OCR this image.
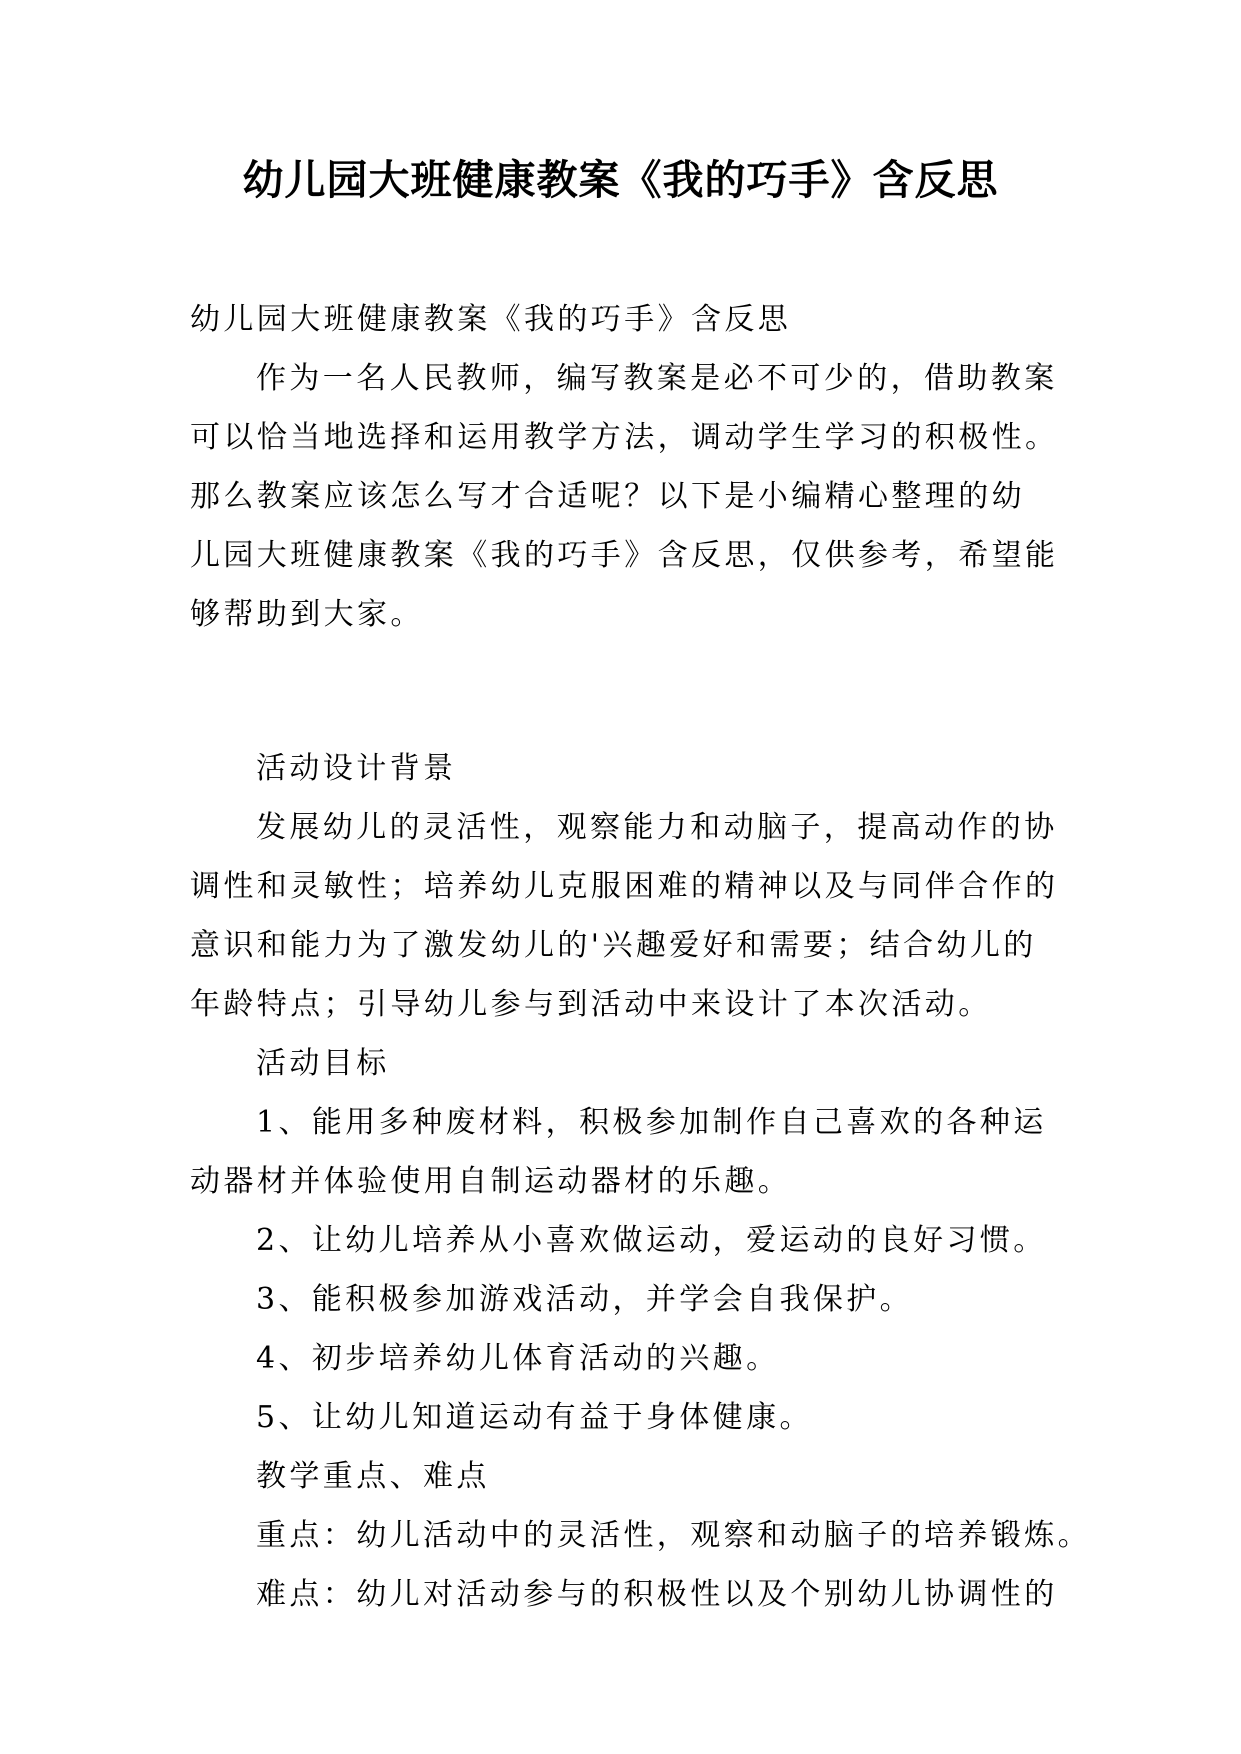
幼儿园大班健康教案《我的巧手》含反思
幼儿园大班健康教案《我的巧手》含反思
作为一名人民教师，编写教案是必不可少的，借助教案
可以恰当地选择和运用教学方法，调动学生学习的积极性。
那么教案应该怎么写才合适呢？以下是小编精心整理的幼
儿园大班健康教案《我的巧手》含反思，仅供参考，希望能
够帮助到大家。
活动设计背景
发展幼儿的灵活性，观察能力和动脑子，提高动作的协
调性和灵敏性；培养幼儿克服困难的精神以及与同伴合作的
意识和能力为了激发幼儿的'兴趣爱好和需要；结合幼儿的
年龄特点；引导幼儿参与到活动中来设计了本次活动。
活动目标
1、能用多种废材料，积极参加制作自己喜欢的各种运
动器材并体验使用自制运动器材的乐趣。
2、让幼儿培养从小喜欢做运动，爱运动的良好习惯。
3、能积极参加游戏活动，并学会自我保护。
4、初步培养幼儿体育活动的兴趣。
5、让幼儿知道运动有益于身体健康。
教学重点、难点
重点：幼儿活动中的灵活性，观察和动脑子的培养锻炼。
难点：幼儿对活动参与的积极性以及个别幼儿协调性的
